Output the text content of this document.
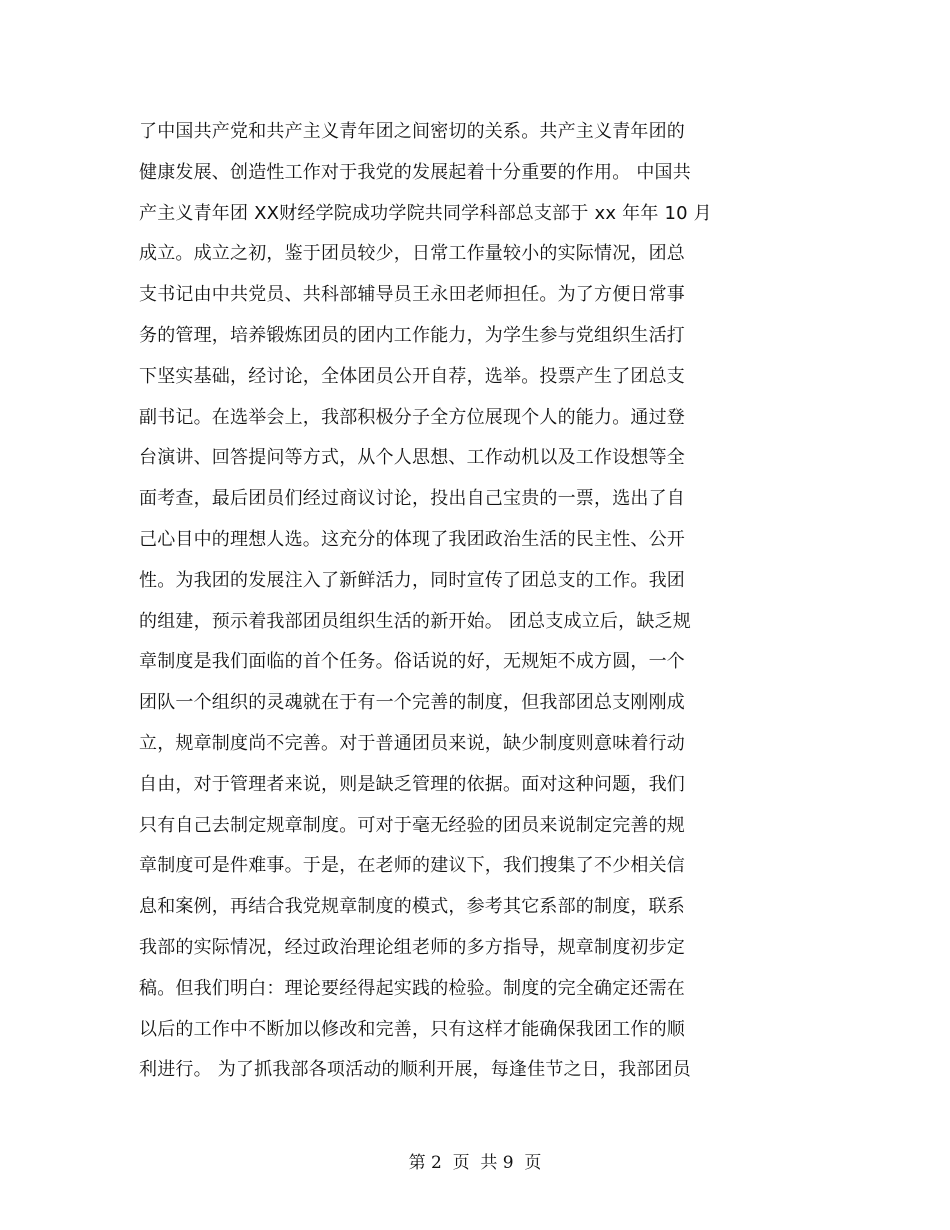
了中国共产党和共产主义青年团之间密切的关系。共产主义青年团的
健康发展、创造性工作对于我党的发展起着十分重要的作用。 中国共
产主义青年团 XX财经学院成功学院共同学科部总支部于 xx 年年 10 月
成立。成立之初，鉴于团员较少，日常工作量较小的实际情况，团总
支书记由中共党员、共科部辅导员王永田老师担任。为了方便日常事
务的管理，培养锻炼团员的团内工作能力，为学生参与党组织生活打
下坚实基础，经讨论，全体团员公开自荐，选举。投票产生了团总支
副书记。在选举会上，我部积极分子全方位展现个人的能力。通过登
台演讲、回答提问等方式，从个人思想、工作动机以及工作设想等全
面考查，最后团员们经过商议讨论，投出自己宝贵的一票，选出了自
己心目中的理想人选。这充分的体现了我团政治生活的民主性、公开
性。为我团的发展注入了新鲜活力，同时宣传了团总支的工作。我团
的组建，预示着我部团员组织生活的新开始。 团总支成立后，缺乏规
章制度是我们面临的首个任务。俗话说的好，无规矩不成方圆，一个
团队一个组织的灵魂就在于有一个完善的制度，但我部团总支刚刚成
立，规章制度尚不完善。对于普通团员来说，缺少制度则意味着行动
自由，对于管理者来说，则是缺乏管理的依据。面对这种问题，我们
只有自己去制定规章制度。可对于毫无经验的团员来说制定完善的规
章制度可是件难事。于是，在老师的建议下，我们搜集了不少相关信
息和案例，再结合我党规章制度的模式，参考其它系部的制度，联系
我部的实际情况，经过政治理论组老师的多方指导，规章制度初步定
稿。但我们明白：理论要经得起实践的检验。制度的完全确定还需在
以后的工作中不断加以修改和完善，只有这样才能确保我团工作的顺
利进行。 为了抓我部各项活动的顺利开展，每逢佳节之日，我部团员
第 2  页  共 9  页
